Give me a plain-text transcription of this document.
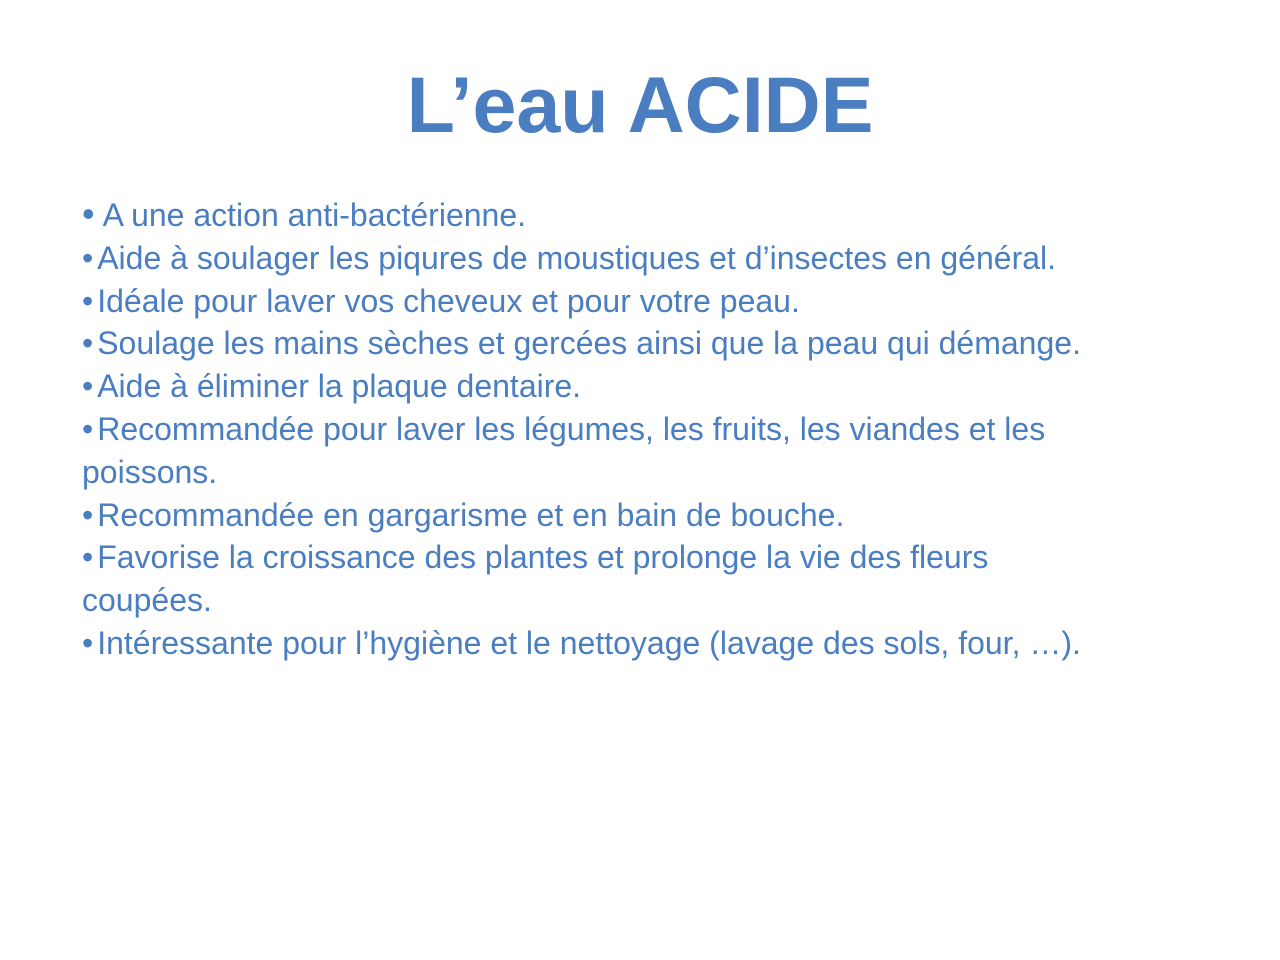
L’eau ACIDE
• A une action anti-bactérienne.
• Aide à soulager les piqures de moustiques et d’insectes en général.
• Idéale pour laver vos cheveux et pour votre peau.
• Soulage les mains sèches et gercées ainsi que la peau qui démange.
• Aide à éliminer la plaque dentaire.
• Recommandée pour laver les légumes, les fruits, les viandes et les poissons.
• Recommandée en gargarisme et en bain de bouche.
• Favorise la croissance des plantes et prolonge la vie des fleurs coupées.
• Intéressante pour l’hygiène et le nettoyage (lavage des sols, four, …).
